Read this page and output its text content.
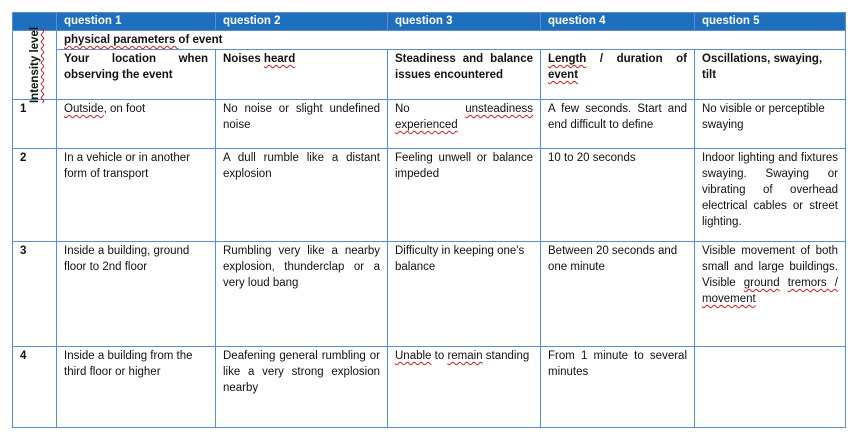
	question 1	question 2	question 3	question 4	question 5

Intensity level	physical parameters of event				
	Your location when observing the event	Noises heard	Steadiness and balance issues encountered	Length / duration of event	Oscillations, swaying, tilt
1	Outside, on foot	No noise or slight undefined noise	No unsteadiness experienced	A few seconds. Start and end difficult to define	No visible or perceptible swaying
2	In a vehicle or in another form of transport	A dull rumble like a distant explosion	Feeling unwell or balance impeded	10 to 20 seconds	Indoor lighting and fixtures swaying. Swaying or vibrating of overhead electrical cables or street lighting.
3	Inside a building, ground floor to 2nd floor	Rumbling very like a nearby explosion, thunderclap or a very loud bang	Difficulty in keeping one's balance	Between 20 seconds and one minute	Visible movement of both small and large buildings. Visible ground tremors / movement
4	Inside a building from the third floor or higher	Deafening general rumbling or like a very strong explosion nearby	Unable to remain standing	From 1 minute to several minutes	
